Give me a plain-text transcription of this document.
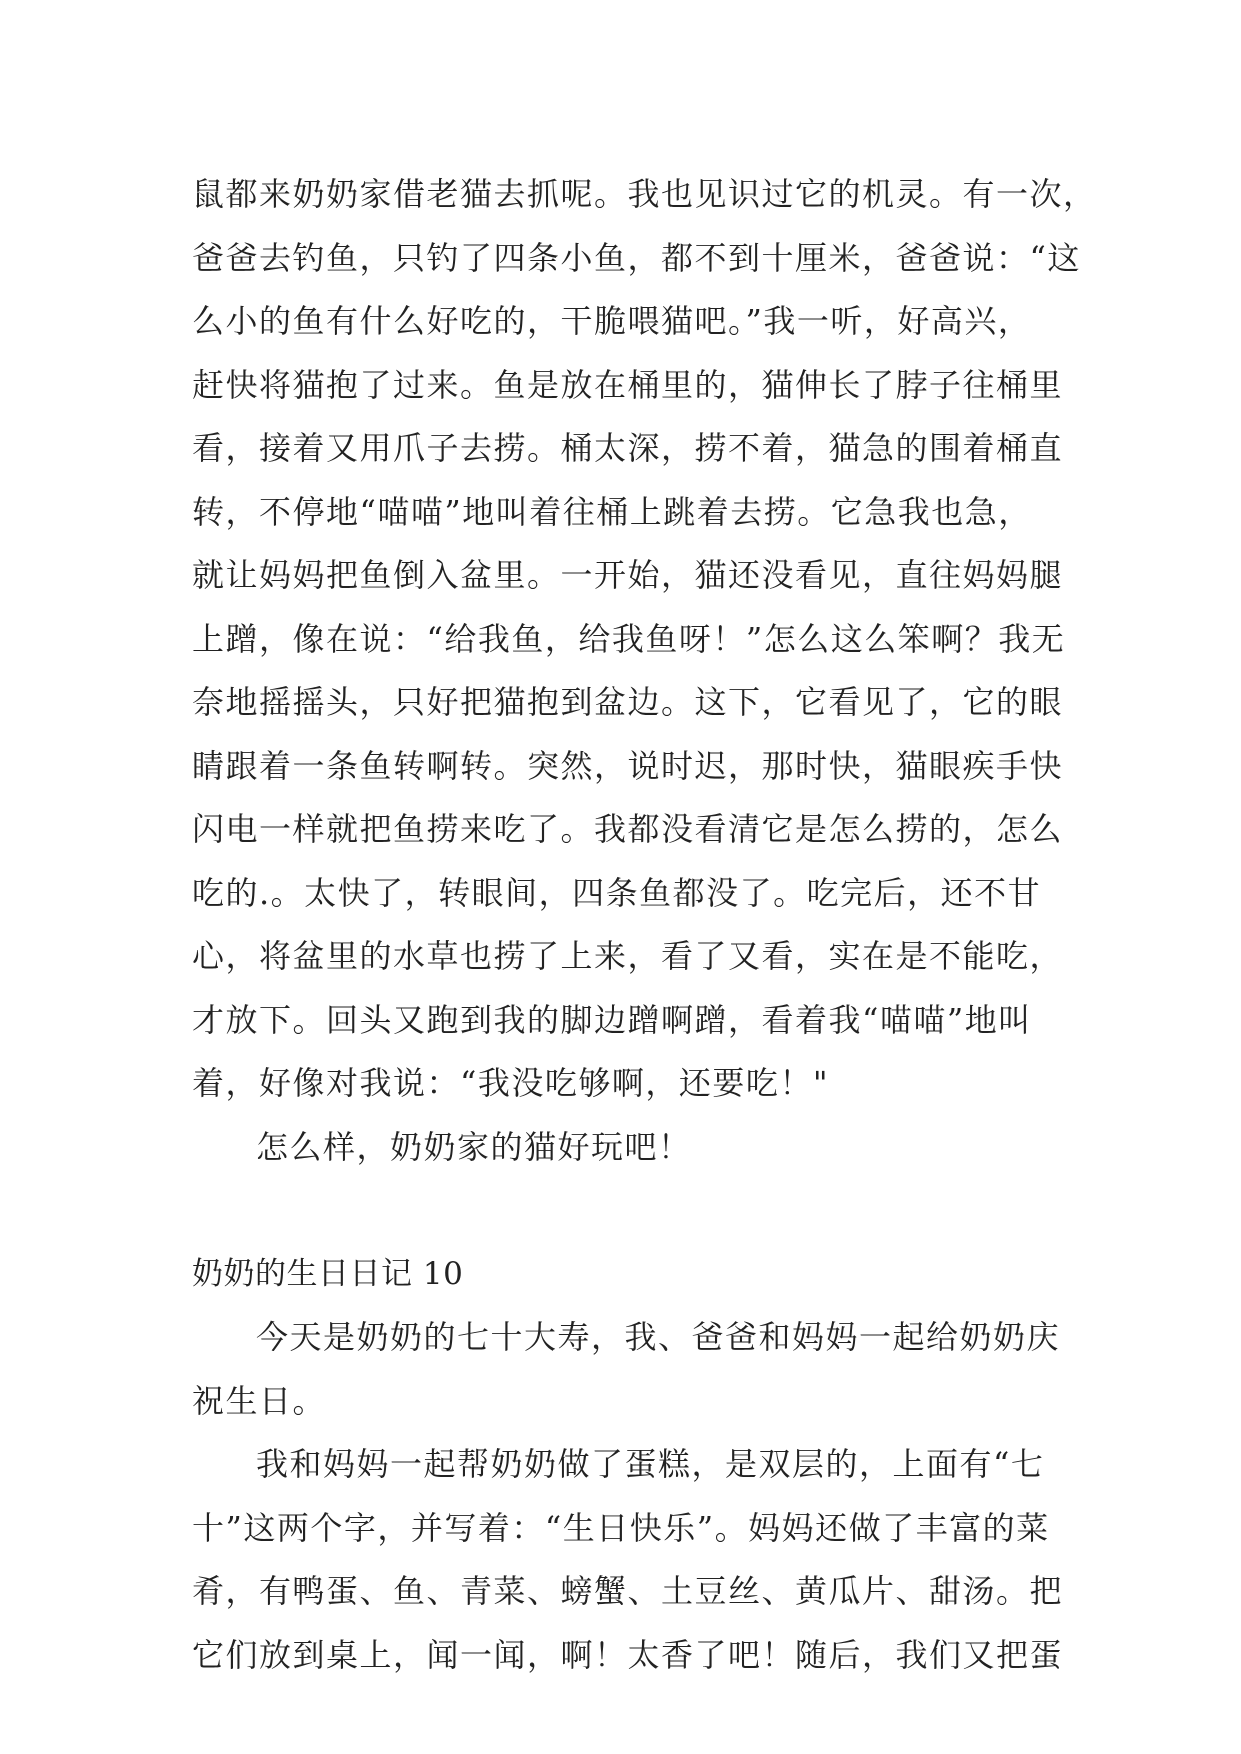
鼠都来奶奶家借老猫去抓呢。我也见识过它的机灵。有一次，
爸爸去钓鱼，只钓了四条小鱼，都不到十厘米，爸爸说：“这
么小的鱼有什么好吃的，干脆喂猫吧。”我一听，好高兴，
赶快将猫抱了过来。鱼是放在桶里的，猫伸长了脖子往桶里
看，接着又用爪子去捞。桶太深，捞不着，猫急的围着桶直
转，不停地“喵喵”地叫着往桶上跳着去捞。它急我也急，
就让妈妈把鱼倒入盆里。一开始，猫还没看见，直往妈妈腿
上蹭，像在说：“给我鱼，给我鱼呀！”怎么这么笨啊？我无
奈地摇摇头，只好把猫抱到盆边。这下，它看见了，它的眼
睛跟着一条鱼转啊转。突然，说时迟，那时快，猫眼疾手快
闪电一样就把鱼捞来吃了。我都没看清它是怎么捞的，怎么
吃的.。太快了，转眼间，四条鱼都没了。吃完后，还不甘
心，将盆里的水草也捞了上来，看了又看，实在是不能吃，
才放下。回头又跑到我的脚边蹭啊蹭，看着我“喵喵”地叫
着，好像对我说：“我没吃够啊，还要吃！"
怎么样，奶奶家的猫好玩吧！
奶奶的生日日记 10
今天是奶奶的七十大寿，我、爸爸和妈妈一起给奶奶庆
祝生日。
我和妈妈一起帮奶奶做了蛋糕，是双层的，上面有“七
十”这两个字，并写着：“生日快乐”。妈妈还做了丰富的菜
肴，有鸭蛋、鱼、青菜、螃蟹、土豆丝、黄瓜片、甜汤。把
它们放到桌上，闻一闻，啊！太香了吧！随后，我们又把蛋
